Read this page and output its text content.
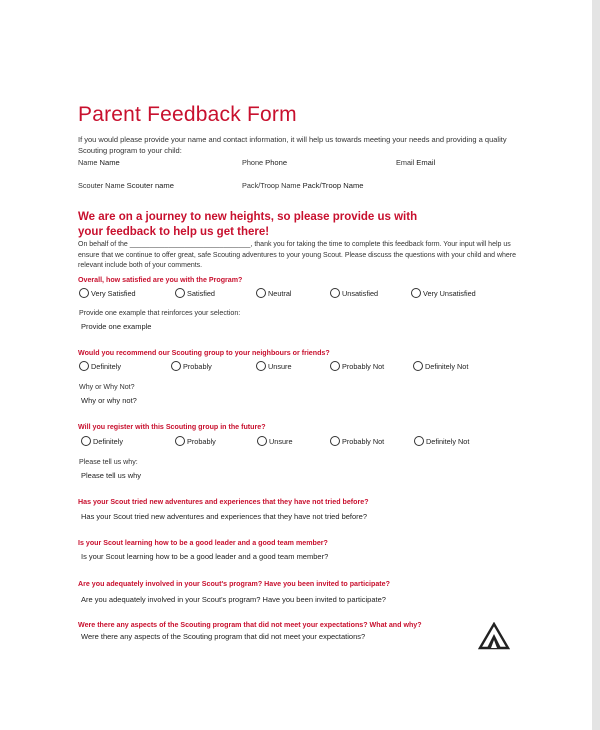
Parent Feedback Form
If you would please provide your name and contact information, it will help us towards meeting your needs and providing a quality Scouting program to your child:
Name Name	Phone Phone	Email Email
Scouter Name Scouter name	Pack/Troop Name Pack/Troop Name
We are on a journey to new heights, so please provide us with your feedback to help us get there!
On behalf of the _______________________________, thank you for taking the time to complete this feedback form. Your input will help us ensure that we continue to offer great, safe Scouting adventures to your young Scout. Please discuss the questions with your child and where relevant include both of your comments.
Overall, how satisfied are you with the Program?
Very Satisfied	Satisfied	Neutral	Unsatisfied	Very Unsatisfied
Provide one example that reinforces your selection:
Provide one example
Would you recommend our Scouting group to your neighbours or friends?
Definitely	Probably	Unsure	Probably Not	Definitely Not
Why or Why Not?
Why or why not?
Will you register with this Scouting group in the future?
Definitely	Probably	Unsure	Probably Not	Definitely Not
Please tell us why:
Please tell us why
Has your Scout tried new adventures and experiences that they have not tried before?
Has your Scout tried new adventures and experiences that they have not tried before?
Is your Scout learning how to be a good leader and a good team member?
Is your Scout learning how to be a good leader and a good team member?
Are you adequately involved in your Scout's program? Have you been invited to participate?
Are you adequately involved in your Scout's program? Have you been invited to participate?
Were there any aspects of the Scouting program that did not meet your expectations? What and why?
Were there any aspects of the Scouting program that did not meet your expectations?
